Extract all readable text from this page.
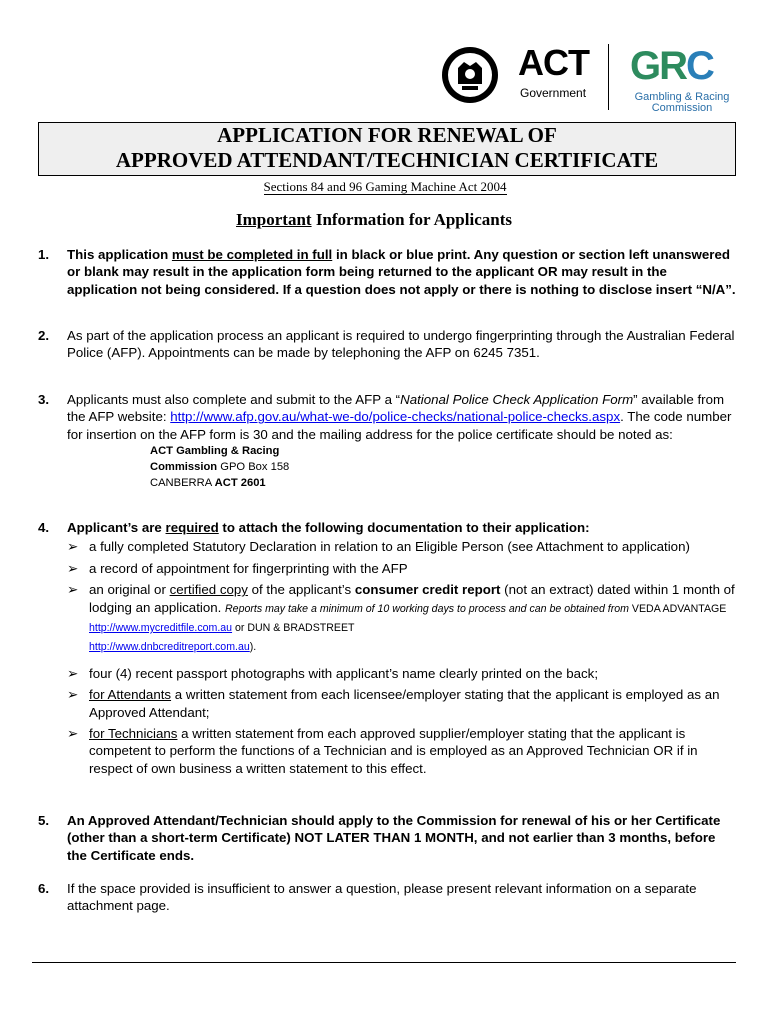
ACT
Government
GRC
Gambling & Racing
Commission
APPLICATION FOR RENEWAL OF
APPROVED ATTENDANT/TECHNICIAN CERTIFICATE
Sections 84 and 96 Gaming Machine Act 2004
Important Information for Applicants
1. This application must be completed in full in black or blue print. Any question or section left unanswered or blank may result in the application form being returned to the applicant OR may result in the application not being considered. If a question does not apply or there is nothing to disclose insert “N/A”.
2. As part of the application process an applicant is required to undergo fingerprinting through the Australian Federal Police (AFP). Appointments can be made by telephoning the AFP on 6245 7351.
3. Applicants must also complete and submit to the AFP a “National Police Check Application Form” available from the AFP website: http://www.afp.gov.au/what-we-do/police-checks/national-police-checks.aspx. The code number for insertion on the AFP form is 30 and the mailing address for the police certificate should be noted as:
ACT Gambling & Racing
Commission GPO Box 158
CANBERRA ACT 2601
4. Applicant’s are required to attach the following documentation to their application:
➢ a fully completed Statutory Declaration in relation to an Eligible Person (see Attachment to application)
➢ a record of appointment for fingerprinting with the AFP
➢ an original or certified copy of the applicant’s consumer credit report (not an extract) dated within 1 month of lodging an application. Reports may take a minimum of 10 working days to process and can be obtained from VEDA ADVANTAGE http://www.mycreditfile.com.au or DUN & BRADSTREET
http://www.dnbcreditreport.com.au).
➢ four (4) recent passport photographs with applicant’s name clearly printed on the back;
➢ for Attendants a written statement from each licensee/employer stating that the applicant is employed as an Approved Attendant;
➢ for Technicians a written statement from each approved supplier/employer stating that the applicant is competent to perform the functions of a Technician and is employed as an Approved Technician OR if in respect of own business a written statement to this effect.
5. An Approved Attendant/Technician should apply to the Commission for renewal of his or her Certificate (other than a short-term Certificate) NOT LATER THAN 1 MONTH, and not earlier than 3 months, before the Certificate ends.
6. If the space provided is insufficient to answer a question, please present relevant information on a separate attachment page.
